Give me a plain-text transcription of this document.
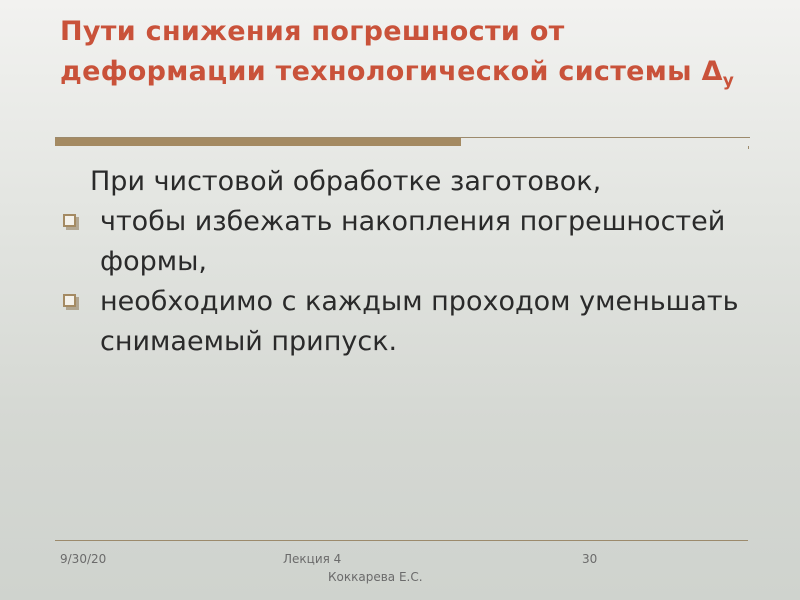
Пути снижения погрешности от деформации технологической системы $\Delta_y$
При чистовой обработке заготовок,
чтобы избежать накопления погрешностей формы,
необходимо с каждым проходом уменьшать снимаемый припуск.
9/30/20	Лекция 4
Коккарева Е.С.
30
